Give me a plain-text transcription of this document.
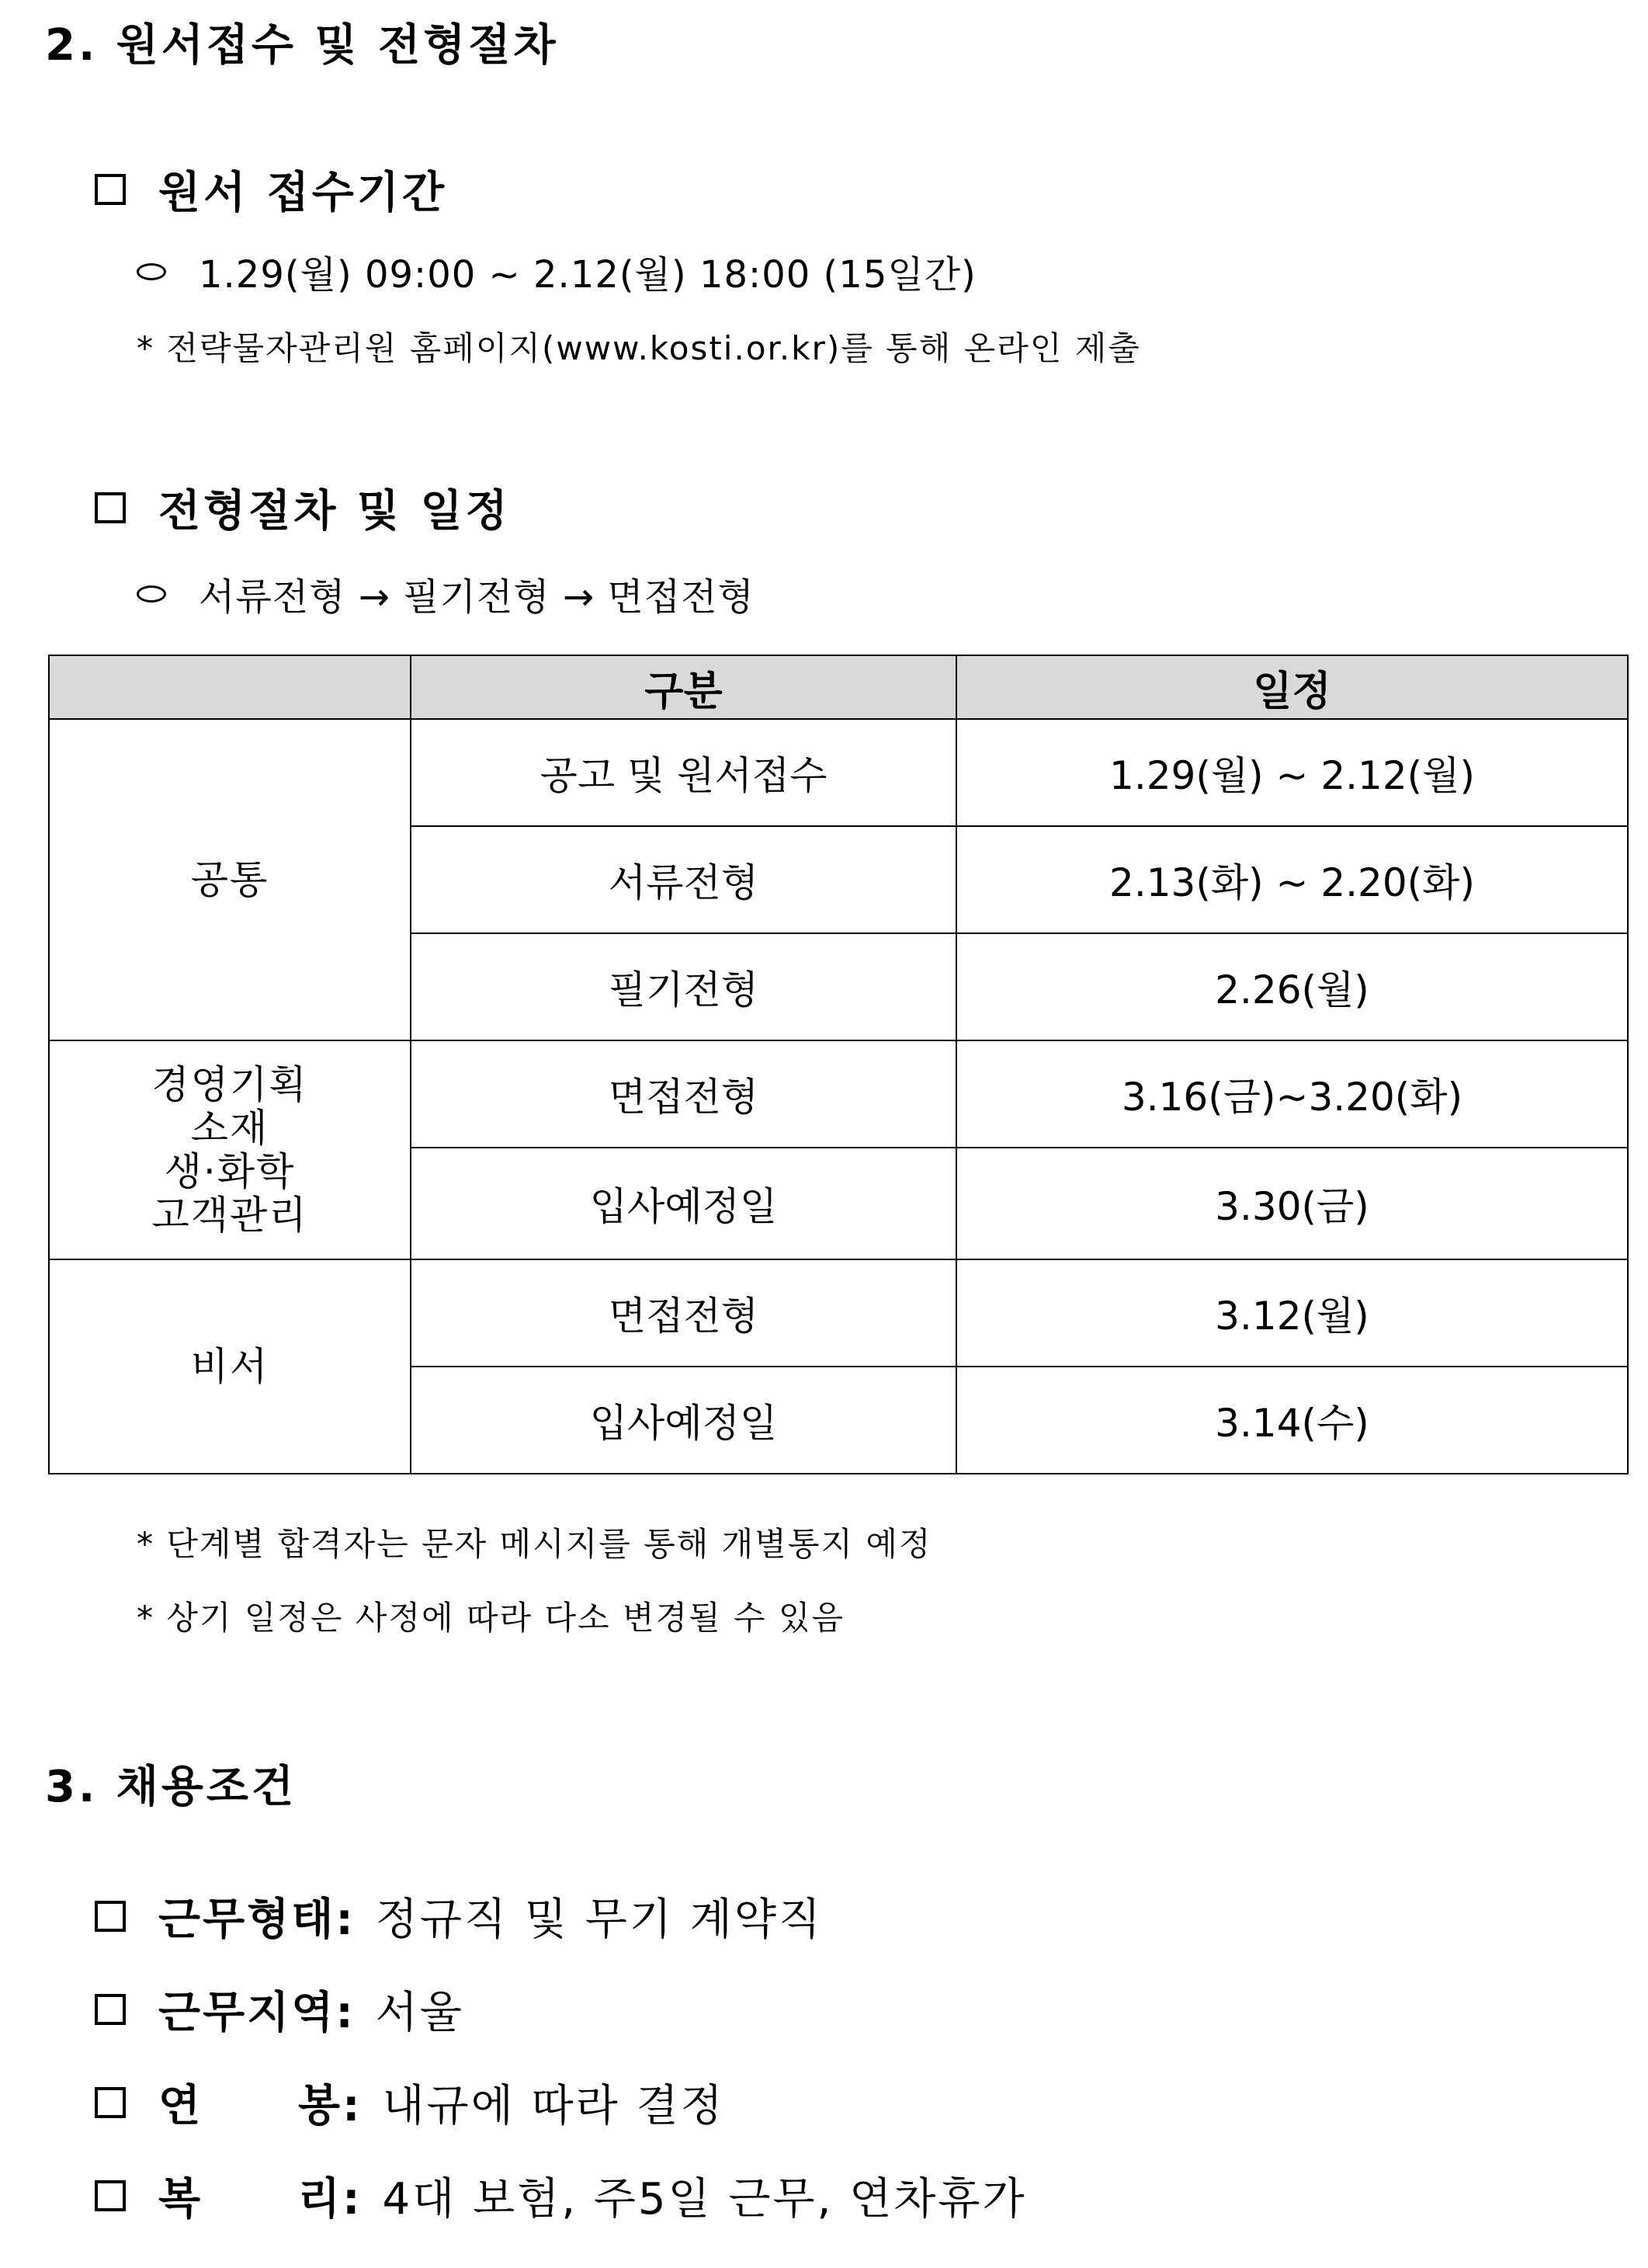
2. 원서접수 및 전형절차
원서 접수기간
1.29(월) 09:00 ~ 2.12(월) 18:00 (15일간)
* 전략물자관리원 홈페이지(www.kosti.or.kr)를 통해 온라인 제출
전형절차 및 일정
서류전형 → 필기전형 → 면접전형
	구분	일정

공통	공고 및 원서접수	1.29(월) ~ 2.12(월)
	서류전형	2.13(화) ~ 2.20(화)
	필기전형	2.26(월)

경영기획
소재
생·화학
고객관리	면접전형	3.16(금)~3.20(화)
	입사예정일	3.30(금)

비서	면접전형	3.12(월)
	입사예정일	3.14(수)
* 단계별 합격자는 문자 메시지를 통해 개별통지 예정
* 상기 일정은 사정에 따라 다소 변경될 수 있음
3. 채용조건
근무형태: 정규직 및 무기 계약직
근무지역: 서울
연	봉: 내규에 따라 결정
복	리: 4대 보험, 주5일 근무, 연차휴가
